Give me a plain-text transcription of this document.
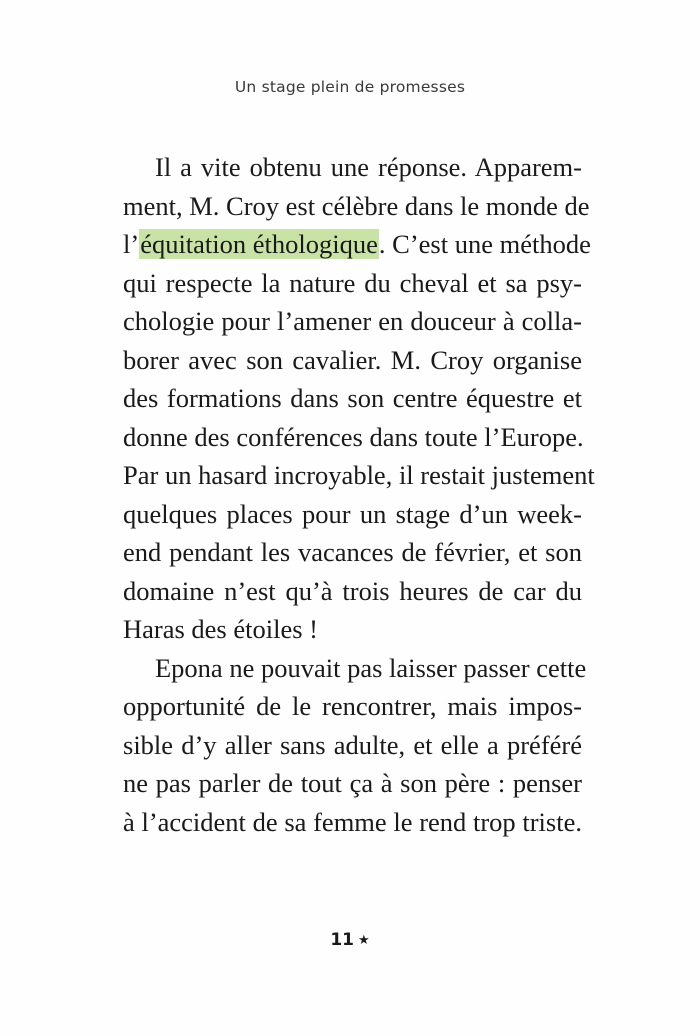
Un stage plein de promesses
Il a vite obtenu une réponse. Apparem-
ment, M. Croy est célèbre dans le monde de
l’équitation éthologique. C’est une méthode
qui respecte la nature du cheval et sa psy-
chologie pour l’amener en douceur à colla-
borer avec son cavalier. M. Croy organise
des formations dans son centre équestre et
donne des conférences dans toute l’Europe.
Par un hasard incroyable, il restait justement
quelques places pour un stage d’un week-
end pendant les vacances de février, et son
domaine n’est qu’à trois heures de car du
Haras des étoiles !
Epona ne pouvait pas laisser passer cette
opportunité de le rencontrer, mais impos-
sible d’y aller sans adulte, et elle a préféré
ne pas parler de tout ça à son père : penser
à l’accident de sa femme le rend trop triste.
11 ★
